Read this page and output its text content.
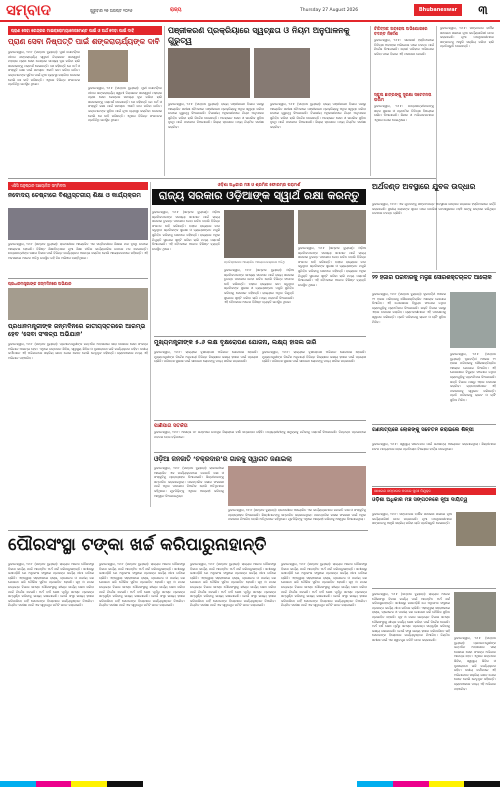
ସମ୍ବାଦ	ଗୁରୁବାର ୨୭ ଅଗଷ୍ଟ ୨୦୨୬	ରାଜ୍ୟ	Thursday 27 August 2026	Bhubaneswar	୩
ପ୍ରାଣ ସେବା କେନ୍ଦ୍ରର ମାଇକ୍ରୋମ୍ୟାନେଜମେଣ୍ଟ ପାଇଁ ଓ ଅର୍ଥ ଦେବା ପାଇଁ ଦାବି
ପ୍ରାଣ ସେବା ନିଷ୍ପତ୍ତି ପାଇଁ ଶଙ୍କରାଚାର୍ଯ୍ୟଙ୍କ ଦାବି
ଭୁବନେଶ୍ୱର, ୨୬।୮ (ସମ୍ବାଦ ବ୍ୟୁରୋ): ପୁରୀ ଗୋବର୍ଦ୍ଧନ ପୀଠର ଶଙ୍କରାଚାର୍ଯ୍ୟ ସ୍ୱାମୀ ନିଶ୍ଚଳାନନ୍ଦ ସରସ୍ୱତୀ ମହାରାଜ ପ୍ରାଣ ସେବା କେନ୍ଦ୍ରର ସମସ୍ୟା ଦୂର କରିବା ଲାଗି ସରକାରଙ୍କୁ ପରାମର୍ଶ ଦେଇଛନ୍ତି। ସେ କହିଛନ୍ତି ଯେ ଧର୍ମ ଓ ସଂସ୍କୃତି ରକ୍ଷା ପାଇଁ ସମସ୍ତେ ଏକାଠି କାମ କରିବା ଉଚିତ। ଭକ୍ତମାନଙ୍କ ସୁବିଧା ପାଇଁ ନୂଆ ବ୍ୟବସ୍ଥା କରାଯିବା ଦରକାର ବୋଲି ସେ ଦାବି କରିଛନ୍ତି। ଏଥିରେ ବିଭିନ୍ନ ସଂଗଠନର ପ୍ରତିନିଧି ଉପସ୍ଥିତ ଥିଲେ।
ଭୁବନେଶ୍ୱର, ୨୬।୮ (ସମ୍ବାଦ ବ୍ୟୁରୋ): ପୁରୀ ଗୋବର୍ଦ୍ଧନ ପୀଠର ଶଙ୍କରାଚାର୍ଯ୍ୟ ସ୍ୱାମୀ ନିଶ୍ଚଳାନନ୍ଦ ସରସ୍ୱତୀ ମହାରାଜ ପ୍ରାଣ ସେବା କେନ୍ଦ୍ରର ସମସ୍ୟା ଦୂର କରିବା ଲାଗି ସରକାରଙ୍କୁ ପରାମର୍ଶ ଦେଇଛନ୍ତି। ସେ କହିଛନ୍ତି ଯେ ଧର୍ମ ଓ ସଂସ୍କୃତି ରକ୍ଷା ପାଇଁ ସମସ୍ତେ ଏକାଠି କାମ କରିବା ଉଚିତ। ଭକ୍ତମାନଙ୍କ ସୁବିଧା ପାଇଁ ନୂଆ ବ୍ୟବସ୍ଥା କରାଯିବା ଦରକାର ବୋଲି ସେ ଦାବି କରିଛନ୍ତି। ଏଥିରେ ବିଭିନ୍ନ ସଂଗଠନର ପ୍ରତିନିଧି ଉପସ୍ଥିତ ଥିଲେ।
ପଞ୍ଜୀକରଣ ପ୍ରକ୍ରିୟାରେ ସ୍ୱଚ୍ଛତା ଓ ନିୟମ ଅନୁପାଳନକୁ ଗୁରୁତ୍ୱ
ଭୁବନେଶ୍ୱର, ୨୬।୮ (ସମ୍ବାଦ ବ୍ୟୁରୋ): ରାଜ୍ୟ ପଞ୍ଜୀକରଣ ବିଭାଗ ପକ୍ଷରୁ ଆୟୋଜିତ ସମୀକ୍ଷା ବୈଠକରେ ପଞ୍ଜୀକରଣ ପ୍ରକ୍ରିୟାକୁ ଅଧିକ ସ୍ୱଚ୍ଛ କରିବା ଉପରେ ଗୁରୁତ୍ୱ ଦିଆଯାଇଛି। ବିଭାଗୀୟ ଅଧିକାରୀମାନେ ନିୟମ ଅନୁପାଳନ ସୁନିଶ୍ଚିତ କରିବା ଲାଗି ନିର୍ଦ୍ଦେଶ ଦେଇଛନ୍ତି। ଅନଲାଇନ ସେବା ଓ ନାଗରିକ ସୁବିଧା ବୃଦ୍ଧି ପାଇଁ ପଦକ୍ଷେପ ନିଆଯାଉଛି। ଜିଲ୍ଲା ସ୍ତରରେ ମଧ୍ୟ ନିୟମିତ ସମୀକ୍ଷା କରାଯିବ।
ଭୁବନେଶ୍ୱର, ୨୬।୮ (ସମ୍ବାଦ ବ୍ୟୁରୋ): ରାଜ୍ୟ ପଞ୍ଜୀକରଣ ବିଭାଗ ପକ୍ଷରୁ ଆୟୋଜିତ ସମୀକ୍ଷା ବୈଠକରେ ପଞ୍ଜୀକରଣ ପ୍ରକ୍ରିୟାକୁ ଅଧିକ ସ୍ୱଚ୍ଛ କରିବା ଉପରେ ଗୁରୁତ୍ୱ ଦିଆଯାଇଛି। ବିଭାଗୀୟ ଅଧିକାରୀମାନେ ନିୟମ ଅନୁପାଳନ ସୁନିଶ୍ଚିତ କରିବା ଲାଗି ନିର୍ଦ୍ଦେଶ ଦେଇଛନ୍ତି। ଅନଲାଇନ ସେବା ଓ ନାଗରିକ ସୁବିଧା ବୃଦ୍ଧି ପାଇଁ ପଦକ୍ଷେପ ନିଆଯାଉଛି। ଜିଲ୍ଲା ସ୍ତରରେ ମଧ୍ୟ ନିୟମିତ ସମୀକ୍ଷା କରାଯିବ।
ଚିକିତ୍ସକ ଅବହେଳା ଅଭିଯୋଗରେ ତଦନ୍ତ ନିର୍ଦ୍ଦେଶ
ଭୁବନେଶ୍ୱର, ୨୬।୮: ସରକାରୀ ହସ୍ପିଟାଲରେ ଚିକିତ୍ସା ଅବହେଳା ଅଭିଯୋଗ ପରେ ତଦନ୍ତ ପାଇଁ ନିର୍ଦ୍ଦେଶ ଦିଆଯାଇଛି। ରୋଗୀ ପରିବାର ଅଭିଯୋଗ କରିବା ପରେ ବିଭାଗ ଏହି ପଦକ୍ଷେପ ନେଇଛି।
ସ୍କୁଲ ଛାତ୍ରଙ୍କୁ ସୁରକ୍ଷା ସଚେତନତା ତାଲିମ
ଭୁବନେଶ୍ୱର, ୨୬।୮: ଛାତ୍ରଛାତ୍ରୀମାନଙ୍କୁ ସଡ଼କ ସୁରକ୍ଷା ଓ ପ୍ରାଥମିକ ଚିକିତ୍ସା ବିଷୟରେ ତାଲିମ ଦିଆଯାଇଛି। ଶିକ୍ଷକ ଓ ଅଭିଭାବକମାନେ ଏଥିରେ ଯୋଗ ଦେଇଥିଲେ।
ଭୁବନେଶ୍ୱର, ୨୬।୮: ସଙ୍ଗଠନର ବାର୍ଷିକ ସାଧାରଣ ସଭାରେ ନୂଆ କାର୍ଯ୍ୟକାରିଣୀ ଗଠନ କରାଯାଇଛି। ନୂଆ ପଦାଧିକାରୀମାନେ ସଙ୍ଗଠନକୁ ଆହୁରି ସକ୍ରିୟ କରିବା ଲାଗି ପ୍ରତିଶ୍ରୁତି ଦେଇଛନ୍ତି।
ଏସିସି ଅନୁଷ୍ଠାନ ଆୟୋଜିତ ସମ୍ମିଳନୀ
ନବୋଦୟ ଚେଷ୍ଟାରେ ବିଶ୍ୱସ୍ତରୀୟ ଶିକ୍ଷା ଓ କାର୍ଯ୍ୟକ୍ରମ
ଭୁବନେଶ୍ୱର, ୨୬।୮ (ସମ୍ବାଦ ବ୍ୟୁରୋ): ରାଜଧାନୀରେ ଆୟୋଜିତ ଏକ ସମ୍ମିଳନୀରେ ଶିକ୍ଷାର ମାନ ବୃଦ୍ଧି ଉପରେ ଆଲୋଚନା ହୋଇଛି। ବିଶିଷ୍ଟ ଶିକ୍ଷାବିତ୍‌ମାନେ ନୂଆ ଶିକ୍ଷା ନୀତିର କାର୍ଯ୍ୟକାରିତା ଉପରେ ମତ ଦେଇଛନ୍ତି। ଛାତ୍ରଛାତ୍ରୀଙ୍କ ଦକ୍ଷତା ବିକାଶ ପାଇଁ ବିଭିନ୍ନ କାର୍ଯ୍ୟକ୍ରମ ଆରମ୍ଭ କରାଯିବ ବୋଲି ଆୟୋଜକମାନେ କହିଛନ୍ତି। ଏହି ଅବସରରେ ଅନେକ ଅତିଥି ଉପସ୍ଥିତ ରହି ନିଜ ଅଭିଜ୍ଞତା ବାଣ୍ଟିଥିଲେ।
ଓଡ଼ିଶା ଅଧିକାର ମଞ୍ଚ ଓ ଶ୍ରମିକ ଫୋରମ୍‌ର ପରାମର୍ଶ
ରାଜ୍ୟ ସରକାର ଓଡ଼ିଆଙ୍କ ସ୍ୱାର୍ଥ ରକ୍ଷା କରନ୍ତୁ
ଭୁବନେଶ୍ୱର, ୨୬।୮ (ସମ୍ବାଦ ବ୍ୟୁରୋ): ଓଡ଼ିଆ ଶ୍ରମିକମାନଙ୍କ ସମସ୍ୟା ସମାଧାନ ପାଇଁ ରାଜ୍ୟ ସରକାର ତୁରନ୍ତ ପଦକ୍ଷେପ ନେବା ଉଚିତ ବୋଲି ବିଭିନ୍ନ ସଂଗଠନ ଦାବି କରିଛନ୍ତି। ବାହାର ରାଜ୍ୟରେ କାମ କରୁଥିବା ଶ୍ରମିକଙ୍କ ସୁରକ୍ଷା ଓ ନ୍ୟାୟସଙ୍ଗତ ମଜୁରି ସୁନିଶ୍ଚିତ କରିବାକୁ ସେମାନେ କହିଛନ୍ତି। ରାଜ୍ୟରେ ଅଧିକ ନିଯୁକ୍ତି ସୁଯୋଗ ସୃଷ୍ଟି କରିବା ଲାଗି ମଧ୍ୟ ପରାମର୍ଶ ଦିଆଯାଇଛି। ଏହି ବୈଠକରେ ଅନେକ ବିଶିଷ୍ଟ ବ୍ୟକ୍ତି ଉପସ୍ଥିତ ଥିଲେ।
ପ୍ରତିଷ୍ଠାନରେ ଆୟୋଜିତ ଆଲୋଚନାଚକ୍ରରେ ଅତିଥି
ଭୁବନେଶ୍ୱର, ୨୬।୮ (ସମ୍ବାଦ ବ୍ୟୁରୋ): ଓଡ଼ିଆ ଶ୍ରମିକମାନଙ୍କ ସମସ୍ୟା ସମାଧାନ ପାଇଁ ରାଜ୍ୟ ସରକାର ତୁରନ୍ତ ପଦକ୍ଷେପ ନେବା ଉଚିତ ବୋଲି ବିଭିନ୍ନ ସଂଗଠନ ଦାବି କରିଛନ୍ତି। ବାହାର ରାଜ୍ୟରେ କାମ କରୁଥିବା ଶ୍ରମିକଙ୍କ ସୁରକ୍ଷା ଓ ନ୍ୟାୟସଙ୍ଗତ ମଜୁରି ସୁନିଶ୍ଚିତ କରିବାକୁ ସେମାନେ କହିଛନ୍ତି। ରାଜ୍ୟରେ ଅଧିକ ନିଯୁକ୍ତି ସୁଯୋଗ ସୃଷ୍ଟି କରିବା ଲାଗି ମଧ୍ୟ ପରାମର୍ଶ ଦିଆଯାଇଛି। ଏହି ବୈଠକରେ ଅନେକ ବିଶିଷ୍ଟ ବ୍ୟକ୍ତି ଉପସ୍ଥିତ ଥିଲେ।
ଭୁବନେଶ୍ୱର, ୨୬।୮ (ସମ୍ବାଦ ବ୍ୟୁରୋ): ଓଡ଼ିଆ ଶ୍ରମିକମାନଙ୍କ ସମସ୍ୟା ସମାଧାନ ପାଇଁ ରାଜ୍ୟ ସରକାର ତୁରନ୍ତ ପଦକ୍ଷେପ ନେବା ଉଚିତ ବୋଲି ବିଭିନ୍ନ ସଂଗଠନ ଦାବି କରିଛନ୍ତି। ବାହାର ରାଜ୍ୟରେ କାମ କରୁଥିବା ଶ୍ରମିକଙ୍କ ସୁରକ୍ଷା ଓ ନ୍ୟାୟସଙ୍ଗତ ମଜୁରି ସୁନିଶ୍ଚିତ କରିବାକୁ ସେମାନେ କହିଛନ୍ତି। ରାଜ୍ୟରେ ଅଧିକ ନିଯୁକ୍ତି ସୁଯୋଗ ସୃଷ୍ଟି କରିବା ଲାଗି ମଧ୍ୟ ପରାମର୍ଶ ଦିଆଯାଇଛି। ଏହି ବୈଠକରେ ଅନେକ ବିଶିଷ୍ଟ ବ୍ୟକ୍ତି ଉପସ୍ଥିତ ଥିଲେ।
ଅର୍ଥଦଣ୍ଡ ଅବସ୍ଥାରେ ଯୁବକ ଉଦ୍ଧାର
ଭୁବନେଶ୍ୱର, ୨୬।୮: ଏକ ଯୁବକଙ୍କୁ ସଙ୍କଟାପନ୍ନ ଅବସ୍ଥାରେ ଉଦ୍ଧାର କରାଯାଇ ହସ୍ପିଟାଲରେ ଭର୍ତ୍ତି କରାଯାଇଛି। ସ୍ଥାନୀୟ ଲୋକଙ୍କ ସୂଚନା ପରେ ପୋଲିସ ଘଟଣାସ୍ଥଳରେ ପହଞ୍ଚି ତାଙ୍କୁ ଉଦ୍ଧାର କରିଥିଲା। ଘଟଣାର ତଦନ୍ତ ଚାଲିଛି।
ପ୍ରଧାନମନ୍ତ୍ରୀଙ୍କ ଜନ୍ମଦିନରେ ଅଭିଯାନ
ପ୍ରଧାନମନ୍ତ୍ରୀଙ୍କ ଜନ୍ମଦିନରେ ଜାତୀୟସ୍ତରରେ ଆରମ୍ଭ ହେବ ‘ସେବା ସଂକଳ୍ପ ଅଭିଯାନ’
ଭୁବନେଶ୍ୱର, ୨୬।୮ (ସମ୍ବାଦ ବ୍ୟୁରୋ): ପ୍ରଧାନମନ୍ତ୍ରୀଙ୍କ ଜନ୍ମଦିନ ଅବସରରେ ସାରା ଦେଶରେ ସେବା ସଂକଳ୍ପ ଅଭିଯାନ ଆରମ୍ଭ ହେବ। ଏଥିରେ ରକ୍ତଦାନ ଶିବିର, ସ୍ୱାସ୍ଥ୍ୟ ଶିବିର ଓ ବୃକ୍ଷରୋପଣ ଭଳି କାର୍ଯ୍ୟକ୍ରମ ରହିବ। ଦଳୀୟ କର୍ମୀମାନେ ଏହି ଅଭିଯାନରେ ସକ୍ରିୟ ଭାବେ ଯୋଗ ଦେବେ ବୋଲି ନେତୃବୃନ୍ଦ କହିଛନ୍ତି। ଗ୍ରାମାଞ୍ଚଳରେ ମଧ୍ୟ ଏହି ଅଭିଯାନ ପହଞ୍ଚାଯିବ।
ମୁଖ୍ୟମନ୍ତ୍ରୀଙ୍କ ୫.୬ ଲକ୍ଷ ବୃକ୍ଷରୋପଣ ଯୋଜନା, ଲକ୍ଷ୍ୟ ହାସଲ ଜାରି
ଭୁବନେଶ୍ୱର, ୨୬।୮: ରାଜ୍ୟରେ ବୃକ୍ଷରୋପଣ ଅଭିଯାନ ଜୋରଦାର ହୋଇଛି। ମୁଖ୍ୟମନ୍ତ୍ରୀଙ୍କ ନିର୍ଦ୍ଦେଶ ଅନୁଯାୟୀ ବିଭିନ୍ନ ଜିଲ୍ଲାରେ ଲକ୍ଷ୍ୟ ହାସଲ ପାଇଁ ପ୍ରୟାସ ଚାଲିଛି। ପରିବେଶ ସୁରକ୍ଷା ପାଇଁ ସାଧାରଣ ଲୋକଙ୍କୁ ମଧ୍ୟ ସାମିଲ କରାଯାଉଛି।
ଭୁବନେଶ୍ୱର, ୨୬।୮: ରାଜ୍ୟରେ ବୃକ୍ଷରୋପଣ ଅଭିଯାନ ଜୋରଦାର ହୋଇଛି। ମୁଖ୍ୟମନ୍ତ୍ରୀଙ୍କ ନିର୍ଦ୍ଦେଶ ଅନୁଯାୟୀ ବିଭିନ୍ନ ଜିଲ୍ଲାରେ ଲକ୍ଷ୍ୟ ହାସଲ ପାଇଁ ପ୍ରୟାସ ଚାଲିଛି। ପରିବେଶ ସୁରକ୍ଷା ପାଇଁ ସାଧାରଣ ଲୋକଙ୍କୁ ମଧ୍ୟ ସାମିଲ କରାଯାଉଛି।
୨୨ ହଜାର ପରିବାରକୁ ମିଳୁଛି ସୌରଶକ୍ତିଚାଳିତ ଆଲୋକ
ଭୁବନେଶ୍ୱର, ୨୬।୮ (ସମ୍ବାଦ ବ୍ୟୁରୋ): ଦୂରବର୍ତ୍ତୀ ଅଞ୍ଚଳର ୨୨ ହଜାର ପରିବାରକୁ ସୌରଶକ୍ତିଚାଳିତ ଆଲୋକ ଯୋଗାଇ ଦିଆଯିବ। ଏହି ଯୋଜନାରେ ବିଦ୍ୟୁତ ସଂଯୋଗ ନଥିବା ଗ୍ରାମଗୁଡ଼ିକୁ ପ୍ରାଥମିକତା ଦିଆଯାଇଛି। ଶକ୍ତି ବିଭାଗ ପକ୍ଷରୁ ଏହାର ତଦାରଖ କରାଯିବ। ଗ୍ରାମବାସୀମାନେ ଏହି ପଦକ୍ଷେପକୁ ସ୍ୱାଗତ କରିଛନ୍ତି। ପ୍ରତି ପରିବାରକୁ ଲାଇଟ ଓ ଚାର୍ଜିଂ ସୁବିଧା ମିଳିବ।
ଭୁବନେଶ୍ୱର, ୨୬।୮ (ସମ୍ବାଦ ବ୍ୟୁରୋ): ଦୂରବର୍ତ୍ତୀ ଅଞ୍ଚଳର ୨୨ ହଜାର ପରିବାରକୁ ସୌରଶକ୍ତିଚାଳିତ ଆଲୋକ ଯୋଗାଇ ଦିଆଯିବ। ଏହି ଯୋଜନାରେ ବିଦ୍ୟୁତ ସଂଯୋଗ ନଥିବା ଗ୍ରାମଗୁଡ଼ିକୁ ପ୍ରାଥମିକତା ଦିଆଯାଇଛି। ଶକ୍ତି ବିଭାଗ ପକ୍ଷରୁ ଏହାର ତଦାରଖ କରାଯିବ। ଗ୍ରାମବାସୀମାନେ ଏହି ପଦକ୍ଷେପକୁ ସ୍ୱାଗତ କରିଛନ୍ତି। ପ୍ରତି ପରିବାରକୁ ଲାଇଟ ଓ ଚାର୍ଜିଂ ସୁବିଧା ମିଳିବ।
ପାଣିପାଗ ସତର୍କତା
ଭୁବନେଶ୍ୱର, ୨୬।୮: ଆସନ୍ତା ୪୮ ଘଣ୍ଟାରେ ଉପକୂଳ ଜିଲ୍ଲାରେ ବର୍ଷା ସମ୍ଭାବନା ରହିଛି। ମତ୍ସ୍ୟଜୀବୀଙ୍କୁ ସମୁଦ୍ରକୁ ନଯିବାକୁ ପରାମର୍ଶ ଦିଆଯାଇଛି। ନିମ୍ନଚାପ ପ୍ରଭାବରେ ପବନର ବେଗ ବଢ଼ିପାରେ।
ଓଡ଼ିଆ ଜନଜାତି ‘ଚକ୍ରଦାର’ର ଗାରକୁ ସ୍ୱାଗତ ଜଣାଇଲା
ଭୁବନେଶ୍ୱର, ୨୬।୮ (ସମ୍ବାଦ ବ୍ୟୁରୋ): ରାଜଧାନୀରେ ଆୟୋଜିତ ଏକ କାର୍ଯ୍ୟକ୍ରମରେ ଜନଜାତି କଳା ଓ ସଂସ୍କୃତିକୁ ପ୍ରୋତ୍ସାହନ ଦିଆଯାଇଛି। ଶିଳ୍ପୀମାନଙ୍କୁ ସମ୍ମାନିତ କରାଯାଇଥିଲା। ପାରମ୍ପରିକ କଳାର ସଂରକ୍ଷଣ ପାଇଁ ଅଧିକ ପଦକ୍ଷେପ ନିଆଯିବ ବୋଲି ଅତିଥିମାନେ କହିଥିଲେ। ଯୁବପିଢ଼ିଙ୍କୁ ଏଥିରେ ଆଗ୍ରହୀ କରିବାକୁ ଆହ୍ୱାନ ଦିଆଯାଇଥିଲା।
ଭୁବନେଶ୍ୱର, ୨୬।୮ (ସମ୍ବାଦ ବ୍ୟୁରୋ): ରାଜଧାନୀରେ ଆୟୋଜିତ ଏକ କାର୍ଯ୍ୟକ୍ରମରେ ଜନଜାତି କଳା ଓ ସଂସ୍କୃତିକୁ ପ୍ରୋତ୍ସାହନ ଦିଆଯାଇଛି। ଶିଳ୍ପୀମାନଙ୍କୁ ସମ୍ମାନିତ କରାଯାଇଥିଲା। ପାରମ୍ପରିକ କଳାର ସଂରକ୍ଷଣ ପାଇଁ ଅଧିକ ପଦକ୍ଷେପ ନିଆଯିବ ବୋଲି ଅତିଥିମାନେ କହିଥିଲେ। ଯୁବପିଢ଼ିଙ୍କୁ ଏଥିରେ ଆଗ୍ରହୀ କରିବାକୁ ଆହ୍ୱାନ ଦିଆଯାଇଥିଲା।
ଗଣନାଟ୍ୟରେ ଲୋକଙ୍କୁ ସଚେତନ କରାଇଲେ ଶିଳ୍ପୀ
ଭୁବନେଶ୍ୱର, ୨୬।୮: ସ୍ୱାସ୍ଥ୍ୟ ସଚେତନତା ପାଇଁ ଗଣନାଟ୍ୟ ଆୟୋଜନ କରାଯାଇଥିଲା। ଶିଳ୍ପୀମାନେ ନାଟକ ମାଧ୍ୟମରେ ରୋଗ ପ୍ରତିରୋଧ ବିଷୟରେ ବାର୍ତ୍ତା ଦେଇଥିଲେ।
ସାଧାରଣ ସମ୍ପାଦକ ପଦରେ ପୁନଃ ନିଯୁକ୍ତ
ଓଡ଼ିଶା ଅଧିକାର ମଞ୍ଚ ସଙ୍ଗଠନରେ ନୂଆ ଦାୟିତ୍ୱ
ଭୁବନେଶ୍ୱର, ୨୬।୮: ସଙ୍ଗଠନର ବାର୍ଷିକ ସାଧାରଣ ସଭାରେ ନୂଆ କାର୍ଯ୍ୟକାରିଣୀ ଗଠନ କରାଯାଇଛି। ନୂଆ ପଦାଧିକାରୀମାନେ ସଙ୍ଗଠନକୁ ଆହୁରି ସକ୍ରିୟ କରିବା ଲାଗି ପ୍ରତିଶ୍ରୁତି ଦେଇଛନ୍ତି।
ପୌରସଂସ୍ଥା ଟଙ୍କା ଖର୍ଚ୍ଚ କରିପାରୁନାହାନ୍ତି
ଭୁବନେଶ୍ୱର, ୨୬।୮ (ସମ୍ବାଦ ବ୍ୟୁରୋ): ରାଜ୍ୟର ଅନେକ ପୌରସଂସ୍ଥା ବିକାଶ କାର୍ଯ୍ୟ ପାଇଁ ଆବଣ୍ଟିତ ଅର୍ଥ ଖର୍ଚ୍ଚ କରିପାରୁନାହାନ୍ତି। ସମୀକ୍ଷାରୁ ଜଣାପଡ଼ିଛି ଯେ ଅଧିକାଂଶ ସଂସ୍ଥାରେ ପ୍ରକଳ୍ପ କାର୍ଯ୍ୟ ଧୀମା ଗତିରେ ଚାଲିଛି। ଏହାଦ୍ୱାରା ସହରାଞ୍ଚଳରେ ରାସ୍ତା, ଡ୍ରେନେଜ ଓ ପାନୀୟ ଜଳ ଯୋଗାଣ ଭଳି ମୌଳିକ ସୁବିଧା ପ୍ରଭାବିତ ହେଉଛି। ଗୃହ ଓ ନଗର ଉନ୍ନୟନ ବିଭାଗ ସମସ୍ତ ପୌରସଂସ୍ଥାକୁ ଶୀଘ୍ର କାର୍ଯ୍ୟ ଶେଷ କରିବା ପାଇଁ ନିର୍ଦ୍ଦେଶ ଦେଇଛି। ଅର୍ଥ ବର୍ଷ ଶେଷ ପୂର୍ବରୁ ସମସ୍ତ ପ୍ରକଳ୍ପ ସମ୍ପୂର୍ଣ୍ଣ କରିବାକୁ ଲକ୍ଷ୍ୟ ରଖାଯାଇଛି। ଯେଉଁ ସଂସ୍ଥା ଲକ୍ଷ୍ୟ ହାସଲ କରିପାରିବେ ନାହିଁ ସେମାନଙ୍କ ବିରୋଧରେ କାର୍ଯ୍ୟାନୁଷ୍ଠାନ ନିଆଯିବ। ନିୟମିତ ସମୀକ୍ଷା ପାଇଁ ଏକ ସ୍ୱତନ୍ତ୍ର କମିଟି ଗଠନ କରାଯାଇଛି।
ଭୁବନେଶ୍ୱର, ୨୬।୮ (ସମ୍ବାଦ ବ୍ୟୁରୋ): ରାଜ୍ୟର ଅନେକ ପୌରସଂସ୍ଥା ବିକାଶ କାର୍ଯ୍ୟ ପାଇଁ ଆବଣ୍ଟିତ ଅର୍ଥ ଖର୍ଚ୍ଚ କରିପାରୁନାହାନ୍ତି। ସମୀକ୍ଷାରୁ ଜଣାପଡ଼ିଛି ଯେ ଅଧିକାଂଶ ସଂସ୍ଥାରେ ପ୍ରକଳ୍ପ କାର୍ଯ୍ୟ ଧୀମା ଗତିରେ ଚାଲିଛି। ଏହାଦ୍ୱାରା ସହରାଞ୍ଚଳରେ ରାସ୍ତା, ଡ୍ରେନେଜ ଓ ପାନୀୟ ଜଳ ଯୋଗାଣ ଭଳି ମୌଳିକ ସୁବିଧା ପ୍ରଭାବିତ ହେଉଛି। ଗୃହ ଓ ନଗର ଉନ୍ନୟନ ବିଭାଗ ସମସ୍ତ ପୌରସଂସ୍ଥାକୁ ଶୀଘ୍ର କାର୍ଯ୍ୟ ଶେଷ କରିବା ପାଇଁ ନିର୍ଦ୍ଦେଶ ଦେଇଛି। ଅର୍ଥ ବର୍ଷ ଶେଷ ପୂର୍ବରୁ ସମସ୍ତ ପ୍ରକଳ୍ପ ସମ୍ପୂର୍ଣ୍ଣ କରିବାକୁ ଲକ୍ଷ୍ୟ ରଖାଯାଇଛି। ଯେଉଁ ସଂସ୍ଥା ଲକ୍ଷ୍ୟ ହାସଲ କରିପାରିବେ ନାହିଁ ସେମାନଙ୍କ ବିରୋଧରେ କାର୍ଯ୍ୟାନୁଷ୍ଠାନ ନିଆଯିବ। ନିୟମିତ ସମୀକ୍ଷା ପାଇଁ ଏକ ସ୍ୱତନ୍ତ୍ର କମିଟି ଗଠନ କରାଯାଇଛି।
ଭୁବନେଶ୍ୱର, ୨୬।୮ (ସମ୍ବାଦ ବ୍ୟୁରୋ): ରାଜ୍ୟର ଅନେକ ପୌରସଂସ୍ଥା ବିକାଶ କାର୍ଯ୍ୟ ପାଇଁ ଆବଣ୍ଟିତ ଅର୍ଥ ଖର୍ଚ୍ଚ କରିପାରୁନାହାନ୍ତି। ସମୀକ୍ଷାରୁ ଜଣାପଡ଼ିଛି ଯେ ଅଧିକାଂଶ ସଂସ୍ଥାରେ ପ୍ରକଳ୍ପ କାର୍ଯ୍ୟ ଧୀମା ଗତିରେ ଚାଲିଛି। ଏହାଦ୍ୱାରା ସହରାଞ୍ଚଳରେ ରାସ୍ତା, ଡ୍ରେନେଜ ଓ ପାନୀୟ ଜଳ ଯୋଗାଣ ଭଳି ମୌଳିକ ସୁବିଧା ପ୍ରଭାବିତ ହେଉଛି। ଗୃହ ଓ ନଗର ଉନ୍ନୟନ ବିଭାଗ ସମସ୍ତ ପୌରସଂସ୍ଥାକୁ ଶୀଘ୍ର କାର୍ଯ୍ୟ ଶେଷ କରିବା ପାଇଁ ନିର୍ଦ୍ଦେଶ ଦେଇଛି। ଅର୍ଥ ବର୍ଷ ଶେଷ ପୂର୍ବରୁ ସମସ୍ତ ପ୍ରକଳ୍ପ ସମ୍ପୂର୍ଣ୍ଣ କରିବାକୁ ଲକ୍ଷ୍ୟ ରଖାଯାଇଛି। ଯେଉଁ ସଂସ୍ଥା ଲକ୍ଷ୍ୟ ହାସଲ କରିପାରିବେ ନାହିଁ ସେମାନଙ୍କ ବିରୋଧରେ କାର୍ଯ୍ୟାନୁଷ୍ଠାନ ନିଆଯିବ। ନିୟମିତ ସମୀକ୍ଷା ପାଇଁ ଏକ ସ୍ୱତନ୍ତ୍ର କମିଟି ଗଠନ କରାଯାଇଛି।
ଭୁବନେଶ୍ୱର, ୨୬।୮ (ସମ୍ବାଦ ବ୍ୟୁରୋ): ରାଜ୍ୟର ଅନେକ ପୌରସଂସ୍ଥା ବିକାଶ କାର୍ଯ୍ୟ ପାଇଁ ଆବଣ୍ଟିତ ଅର୍ଥ ଖର୍ଚ୍ଚ କରିପାରୁନାହାନ୍ତି। ସମୀକ୍ଷାରୁ ଜଣାପଡ଼ିଛି ଯେ ଅଧିକାଂଶ ସଂସ୍ଥାରେ ପ୍ରକଳ୍ପ କାର୍ଯ୍ୟ ଧୀମା ଗତିରେ ଚାଲିଛି। ଏହାଦ୍ୱାରା ସହରାଞ୍ଚଳରେ ରାସ୍ତା, ଡ୍ରେନେଜ ଓ ପାନୀୟ ଜଳ ଯୋଗାଣ ଭଳି ମୌଳିକ ସୁବିଧା ପ୍ରଭାବିତ ହେଉଛି। ଗୃହ ଓ ନଗର ଉନ୍ନୟନ ବିଭାଗ ସମସ୍ତ ପୌରସଂସ୍ଥାକୁ ଶୀଘ୍ର କାର୍ଯ୍ୟ ଶେଷ କରିବା ପାଇଁ ନିର୍ଦ୍ଦେଶ ଦେଇଛି। ଅର୍ଥ ବର୍ଷ ଶେଷ ପୂର୍ବରୁ ସମସ୍ତ ପ୍ରକଳ୍ପ ସମ୍ପୂର୍ଣ୍ଣ କରିବାକୁ ଲକ୍ଷ୍ୟ ରଖାଯାଇଛି। ଯେଉଁ ସଂସ୍ଥା ଲକ୍ଷ୍ୟ ହାସଲ କରିପାରିବେ ନାହିଁ ସେମାନଙ୍କ ବିରୋଧରେ କାର୍ଯ୍ୟାନୁଷ୍ଠାନ ନିଆଯିବ। ନିୟମିତ ସମୀକ୍ଷା ପାଇଁ ଏକ ସ୍ୱତନ୍ତ୍ର କମିଟି ଗଠନ କରାଯାଇଛି।
ଭୁବନେଶ୍ୱର, ୨୬।୮ (ସମ୍ବାଦ ବ୍ୟୁରୋ): ରାଜ୍ୟର ଅନେକ ପୌରସଂସ୍ଥା ବିକାଶ କାର୍ଯ୍ୟ ପାଇଁ ଆବଣ୍ଟିତ ଅର୍ଥ ଖର୍ଚ୍ଚ କରିପାରୁନାହାନ୍ତି। ସମୀକ୍ଷାରୁ ଜଣାପଡ଼ିଛି ଯେ ଅଧିକାଂଶ ସଂସ୍ଥାରେ ପ୍ରକଳ୍ପ କାର୍ଯ୍ୟ ଧୀମା ଗତିରେ ଚାଲିଛି। ଏହାଦ୍ୱାରା ସହରାଞ୍ଚଳରେ ରାସ୍ତା, ଡ୍ରେନେଜ ଓ ପାନୀୟ ଜଳ ଯୋଗାଣ ଭଳି ମୌଳିକ ସୁବିଧା ପ୍ରଭାବିତ ହେଉଛି। ଗୃହ ଓ ନଗର ଉନ୍ନୟନ ବିଭାଗ ସମସ୍ତ ପୌରସଂସ୍ଥାକୁ ଶୀଘ୍ର କାର୍ଯ୍ୟ ଶେଷ କରିବା ପାଇଁ ନିର୍ଦ୍ଦେଶ ଦେଇଛି। ଅର୍ଥ ବର୍ଷ ଶେଷ ପୂର୍ବରୁ ସମସ୍ତ ପ୍ରକଳ୍ପ ସମ୍ପୂର୍ଣ୍ଣ କରିବାକୁ ଲକ୍ଷ୍ୟ ରଖାଯାଇଛି। ଯେଉଁ ସଂସ୍ଥା ଲକ୍ଷ୍ୟ ହାସଲ କରିପାରିବେ ନାହିଁ ସେମାନଙ୍କ ବିରୋଧରେ କାର୍ଯ୍ୟାନୁଷ୍ଠାନ ନିଆଯିବ। ନିୟମିତ ସମୀକ୍ଷା ପାଇଁ ଏକ ସ୍ୱତନ୍ତ୍ର କମିଟି ଗଠନ କରାଯାଇଛି।	ଭୁବନେଶ୍ୱର, ୨୬।୮ (ସମ୍ବାଦ ବ୍ୟୁରୋ): ପ୍ରଧାନମନ୍ତ୍ରୀଙ୍କ ଜନ୍ମଦିନ ଅବସରରେ ସାରା ଦେଶରେ ସେବା ସଂକଳ୍ପ ଅଭିଯାନ ଆରମ୍ଭ ହେବ। ଏଥିରେ ରକ୍ତଦାନ ଶିବିର, ସ୍ୱାସ୍ଥ୍ୟ ଶିବିର ଓ ବୃକ୍ଷରୋପଣ ଭଳି କାର୍ଯ୍ୟକ୍ରମ ରହିବ। ଦଳୀୟ କର୍ମୀମାନେ ଏହି ଅଭିଯାନରେ ସକ୍ରିୟ ଭାବେ ଯୋଗ ଦେବେ ବୋଲି ନେତୃବୃନ୍ଦ କହିଛନ୍ତି। ଗ୍ରାମାଞ୍ଚଳରେ ମଧ୍ୟ ଏହି ଅଭିଯାନ ପହଞ୍ଚାଯିବ।
